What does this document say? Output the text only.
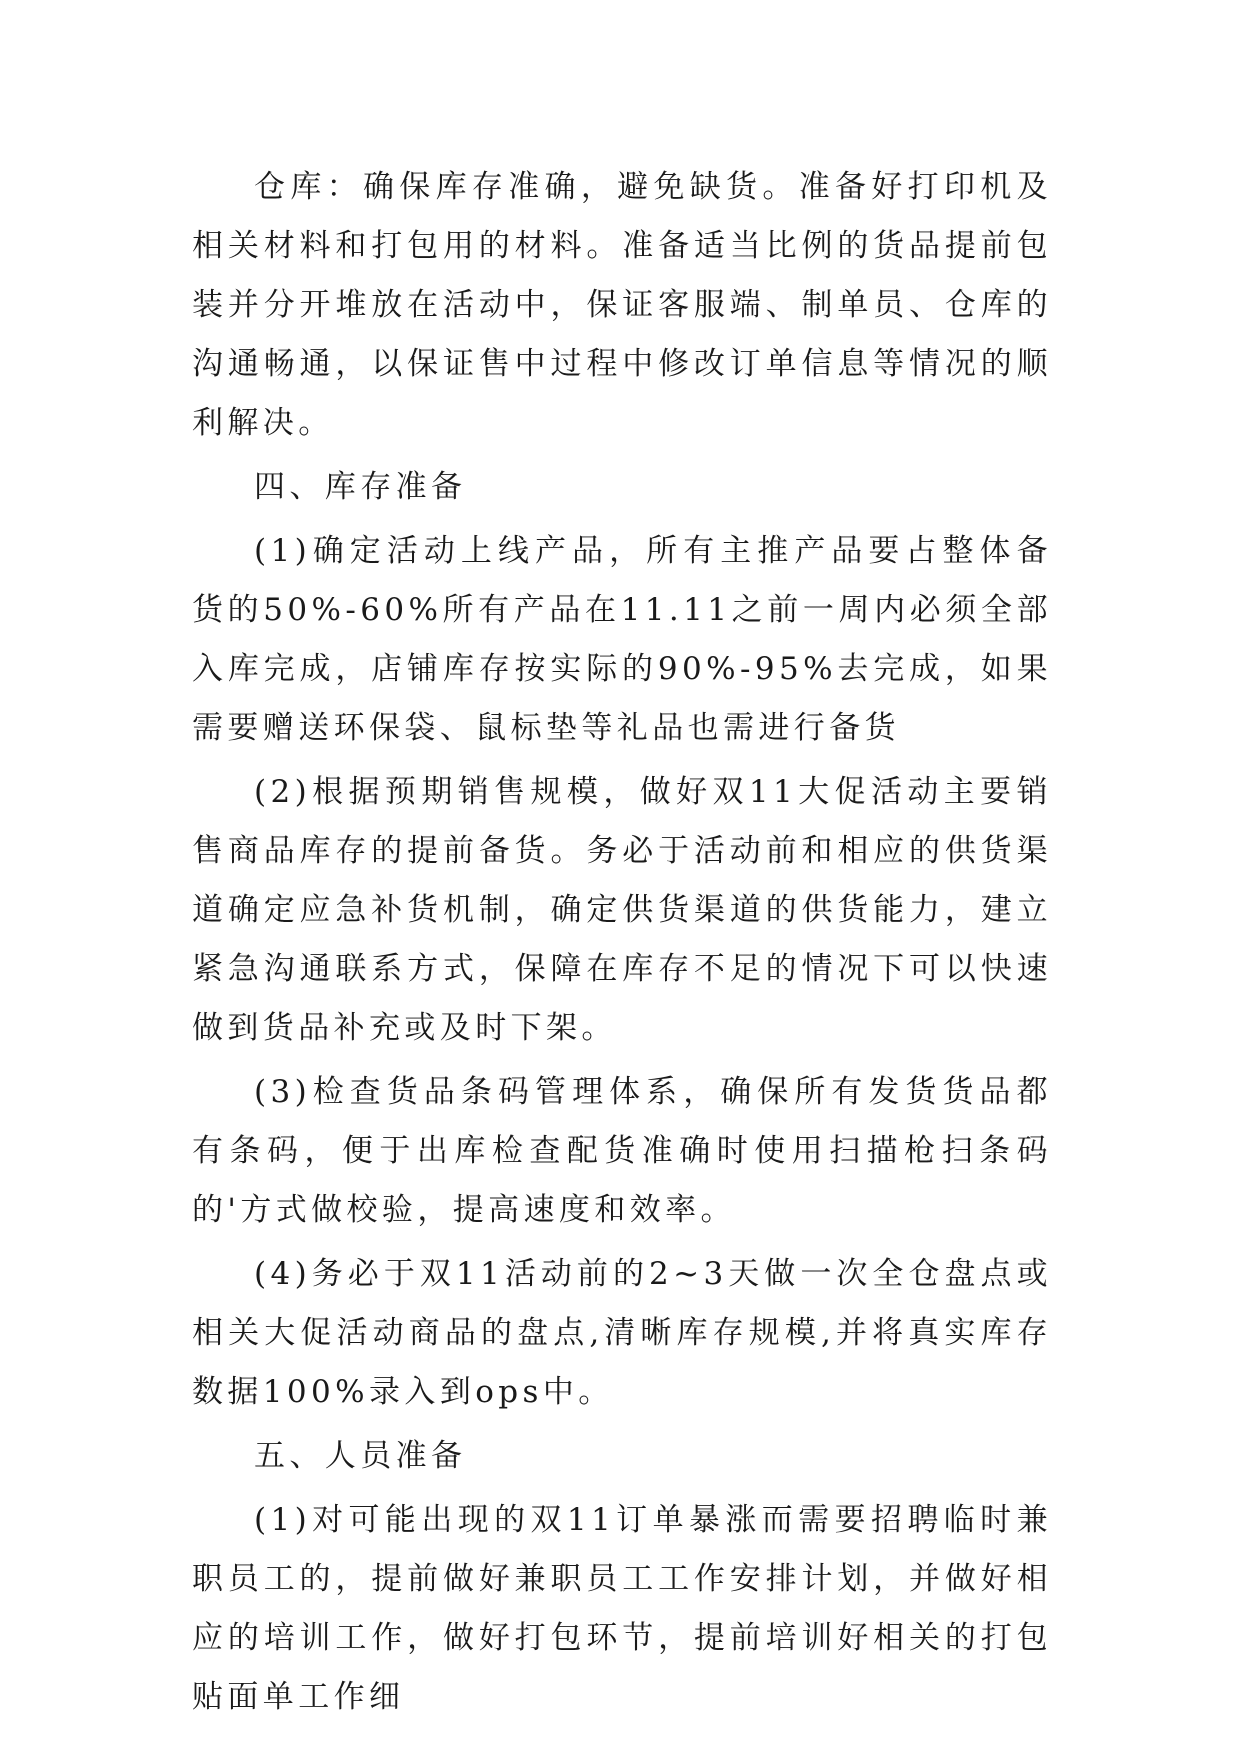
仓库：确保库存准确，避免缺货。准备好打印机及相关材料和打包用的材料。准备适当比例的货品提前包装并分开堆放在活动中，保证客服端、制单员、仓库的沟通畅通，以保证售中过程中修改订单信息等情况的顺利解决。

四、库存准备

(1)确定活动上线产品，所有主推产品要占整体备货的50%-60%所有产品在11.11之前一周内必须全部入库完成，店铺库存按实际的90%-95%去完成，如果需要赠送环保袋、鼠标垫等礼品也需进行备货

(2)根据预期销售规模，做好双11大促活动主要销售商品库存的提前备货。务必于活动前和相应的供货渠道确定应急补货机制，确定供货渠道的供货能力，建立紧急沟通联系方式，保障在库存不足的情况下可以快速做到货品补充或及时下架。

(3)检查货品条码管理体系，确保所有发货货品都有条码，便于出库检查配货准确时使用扫描枪扫条码的'方式做校验，提高速度和效率。

(4)务必于双11活动前的2~3天做一次全仓盘点或相关大促活动商品的盘点,清晰库存规模,并将真实库存数据100%录入到ops中。

五、人员准备

(1)对可能出现的双11订单暴涨而需要招聘临时兼职员工的，提前做好兼职员工工作安排计划，并做好相应的培训工作，做好打包环节，提前培训好相关的打包贴面单工作细
